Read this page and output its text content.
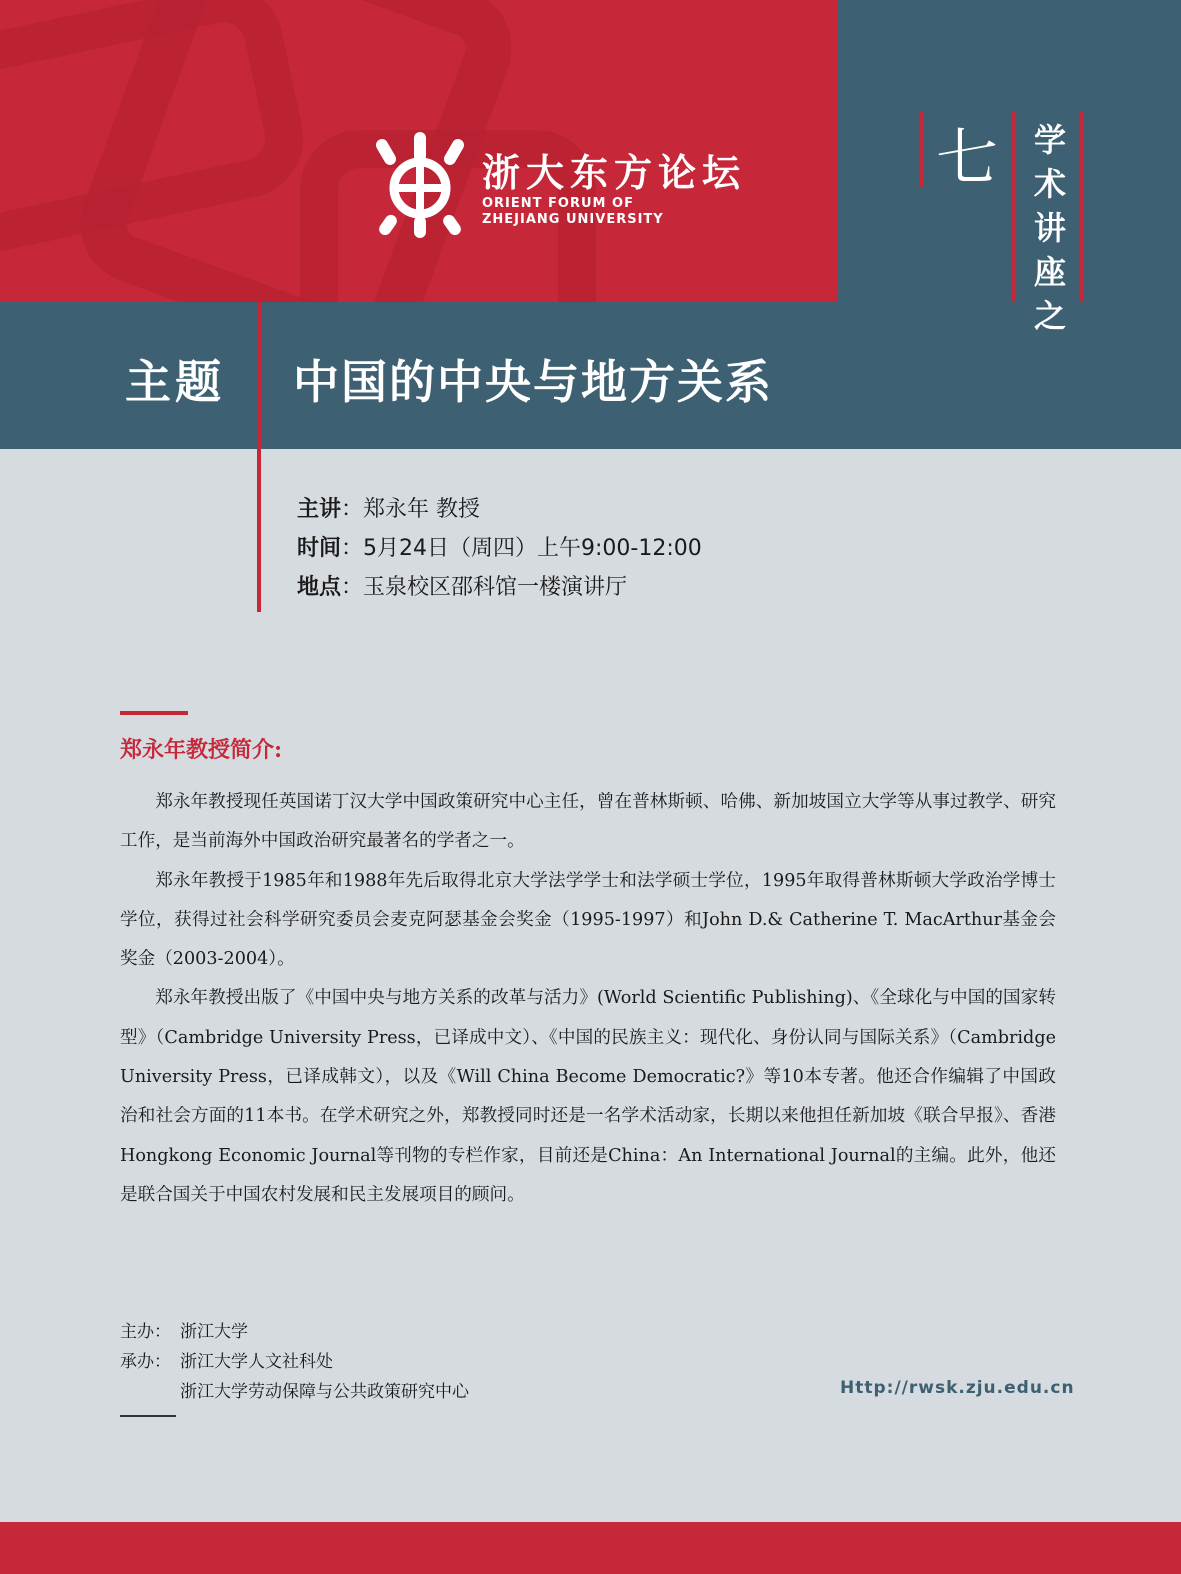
浙大东方论坛
ORIENT FORUM OF
ZHEJIANG UNIVERSITY
七 学术讲座之
主题 中国的中央与地方关系
主讲：郑永年 教授
时间：5月24日（周四）上午9:00-12:00
地点：玉泉校区邵科馆一楼演讲厅
郑永年教授简介:

郑永年教授现任英国诺丁汉大学中国政策研究中心主任，曾在普林斯顿、哈佛、新加坡国立大学等从事过教学、研究工作，是当前海外中国政治研究最著名的学者之一。

郑永年教授于1985年和1988年先后取得北京大学法学学士和法学硕士学位，1995年取得普林斯顿大学政治学博士学位，获得过社会科学研究委员会麦克阿瑟基金会奖金（1995-1997）和John D.& Catherine T. MacArthur基金会奖金（2003-2004）。

郑永年教授出版了《中国中央与地方关系的改革与活力》(World Scientific Publishing)、《全球化与中国的国家转型》（Cambridge University Press，已译成中文）、《中国的民族主义：现代化、身份认同与国际关系》（Cambridge University Press，已译成韩文），以及《Will China Become Democratic?》等10本专著。他还合作编辑了中国政治和社会方面的11本书。在学术研究之外，郑教授同时还是一名学术活动家，长期以来他担任新加坡《联合早报》、香港Hongkong Economic Journal等刊物的专栏作家，目前还是China：An International Journal的主编。此外，他还是联合国关于中国农村发展和民主发展项目的顾问。

主办： 浙江大学
承办： 浙江大学人文社科处
浙江大学劳动保障与公共政策研究中心	Http://rwsk.zju.edu.cn
